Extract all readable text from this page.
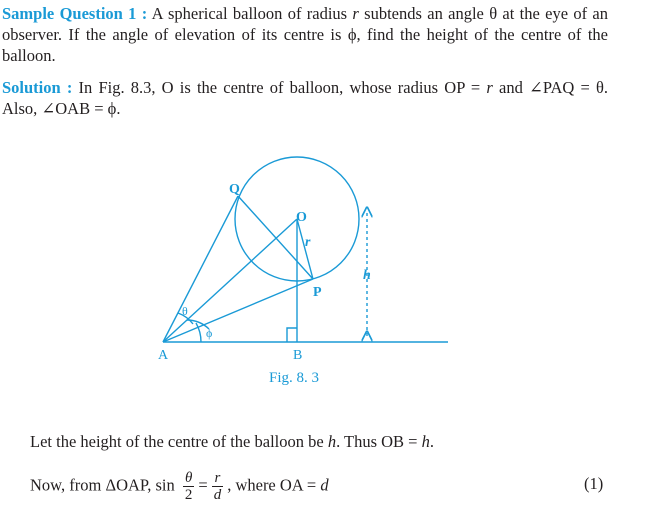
Sample Question 1 : A spherical balloon of radius r subtends an angle θ at the eye of an observer. If the angle of elevation of its centre is ϕ, find the height of the centre of the balloon.

Solution : In Fig. 8.3, O is the centre of balloon, whose radius OP = r and ∠PAQ = θ. Also, ∠OAB = ϕ.

Q
O
r
P
h
A	B
θ
ϕ
Fig. 8. 3
Let the height of the centre of the balloon be h. Thus OB = h.
Now, from ΔOAP, $\sin \frac{\theta}{2} = \frac{r}{d}$ , where OA = d	(1)
